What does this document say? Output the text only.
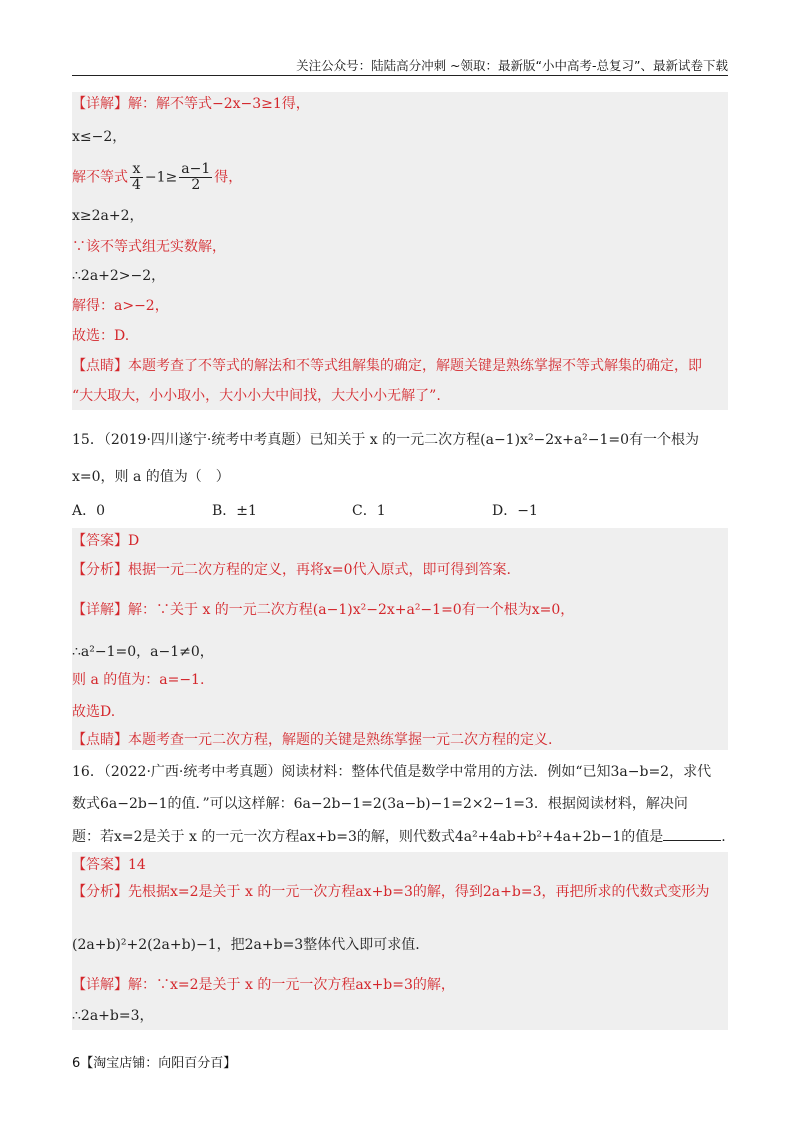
关注公众号：陆陆高分冲刺 ~领取：最新版“小中高考-总复习”、最新试卷下载
【详解】解：解不等式−2x−3≥1得，
x≤−2，
解不等式 $\frac{x}{4} -1\ge \frac{a-1}{2}$ 得，
x≥2a+2，
∵该不等式组无实数解，
∴2a+2>−2，
解得：a>−2，
故选：D.
【点睛】本题考查了不等式的解法和不等式组解集的确定，解题关键是熟练掌握不等式解集的确定，即
“大大取大，小小取小，大小小大中间找，大大小小无解了”.
15．（2019·四川遂宁·统考中考真题）已知关于 x 的一元二次方程(a−1)x²−2x+a²−1=0有一个根为
x=0，则 a 的值为（　）
A．0	B．±1	C．1	D．−1
【答案】D
【分析】根据一元二次方程的定义，再将x=0代入原式，即可得到答案.
【详解】解：∵关于 x 的一元二次方程(a−1)x²−2x+a²−1=0有一个根为x=0，
∴a²−1=0，a−1≠0，
则 a 的值为：a=−1.
故选D.
【点睛】本题考查一元二次方程，解题的关键是熟练掌握一元二次方程的定义.
16．（2022·广西·统考中考真题）阅读材料：整体代值是数学中常用的方法．例如“已知3a−b=2，求代
数式6a−2b−1的值．”可以这样解：6a−2b−1=2(3a−b)−1=2×2−1=3．根据阅读材料，解决问
题：若x=2是关于 x 的一元一次方程ax+b=3的解，则代数式4a²+4ab+b²+4a+2b−1的值是	.
【答案】14
【分析】先根据x=2是关于 x 的一元一次方程ax+b=3的解，得到2a+b=3，再把所求的代数式变形为
(2a+b)²+2(2a+b)−1，把2a+b=3整体代入即可求值.
【详解】解：∵x=2是关于 x 的一元一次方程ax+b=3的解，
∴2a+b=3，
6【淘宝店铺：向阳百分百】
